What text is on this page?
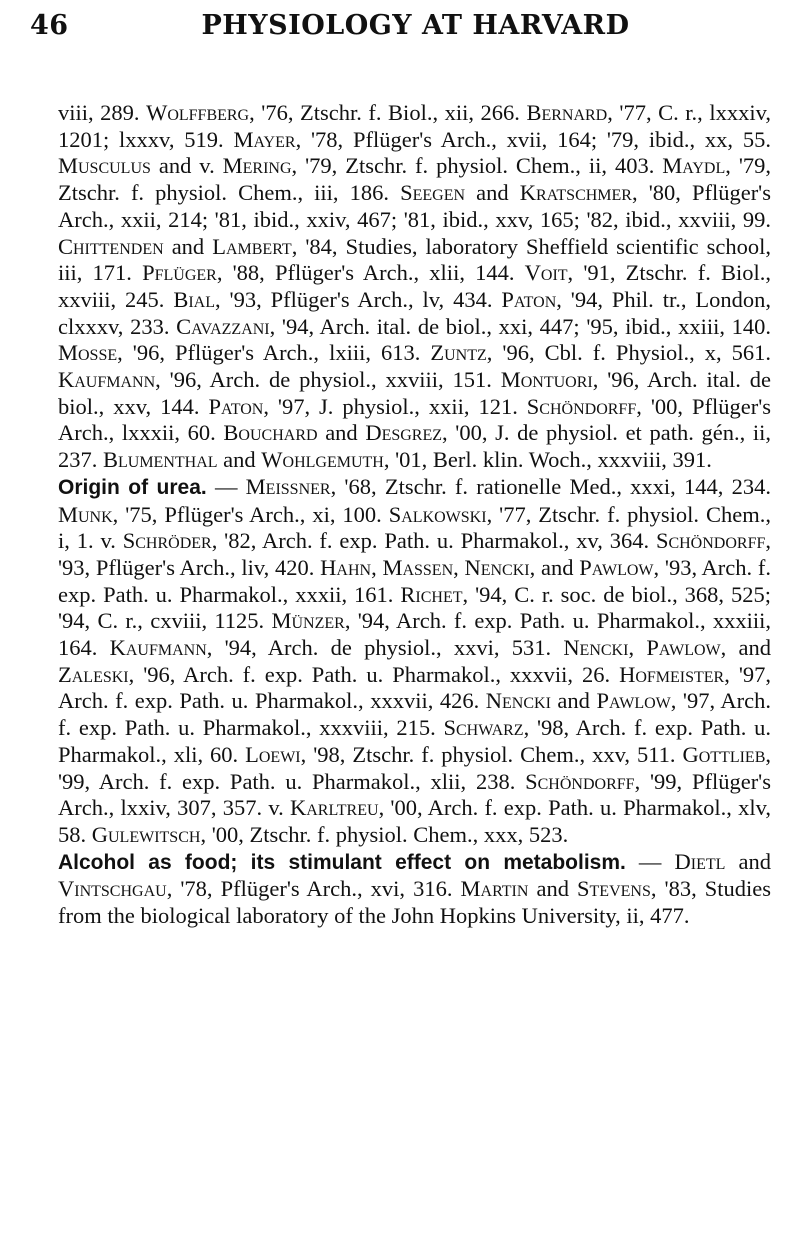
46	PHYSIOLOGY AT HARVARD

viii, 289. Wolffberg, '76, Ztschr. f. Biol., xii, 266. Bernard, '77, C. r., lxxxiv, 1201; lxxxv, 519. Mayer, '78, Pflüger's Arch., xvii, 164; '79, ibid., xx, 55. Musculus and v. Mering, '79, Ztschr. f. physiol. Chem., ii, 403. Maydl, '79, Ztschr. f. physiol. Chem., iii, 186. Seegen and Kratschmer, '80, Pflüger's Arch., xxii, 214; '81, ibid., xxiv, 467; '81, ibid., xxv, 165; '82, ibid., xxviii, 99. Chittenden and Lambert, '84, Studies, laboratory Sheffield scientific school, iii, 171. Pflüger, '88, Pflüger's Arch., xlii, 144. Voit, '91, Ztschr. f. Biol., xxviii, 245. Bial, '93, Pflüger's Arch., lv, 434. Paton, '94, Phil. tr., London, clxxxv, 233. Cavazzani, '94, Arch. ital. de biol., xxi, 447; '95, ibid., xxiii, 140. Mosse, '96, Pflüger's Arch., lxiii, 613. Zuntz, '96, Cbl. f. Physiol., x, 561. Kaufmann, '96, Arch. de physiol., xxviii, 151. Montuori, '96, Arch. ital. de biol., xxv, 144. Paton, '97, J. physiol., xxii, 121. Schöndorff, '00, Pflüger's Arch., lxxxii, 60. Bouchard and Desgrez, '00, J. de physiol. et path. gén., ii, 237. Blumenthal and Wohlgemuth, '01, Berl. klin. Woch., xxxviii, 391.

Origin of urea. — Meissner, '68, Ztschr. f. rationelle Med., xxxi, 144, 234. Munk, '75, Pflüger's Arch., xi, 100. Salkowski, '77, Ztschr. f. physiol. Chem., i, 1. v. Schröder, '82, Arch. f. exp. Path. u. Pharmakol., xv, 364. Schöndorff, '93, Pflüger's Arch., liv, 420. Hahn, Massen, Nencki, and Pawlow, '93, Arch. f. exp. Path. u. Pharmakol., xxxii, 161. Richet, '94, C. r. soc. de biol., 368, 525; '94, C. r., cxviii, 1125. Münzer, '94, Arch. f. exp. Path. u. Pharmakol., xxxiii, 164. Kaufmann, '94, Arch. de physiol., xxvi, 531. Nencki, Pawlow, and Zaleski, '96, Arch. f. exp. Path. u. Pharmakol., xxxvii, 26. Hofmeister, '97, Arch. f. exp. Path. u. Pharmakol., xxxvii, 426. Nencki and Pawlow, '97, Arch. f. exp. Path. u. Pharmakol., xxxviii, 215. Schwarz, '98, Arch. f. exp. Path. u. Pharmakol., xli, 60. Loewi, '98, Ztschr. f. physiol. Chem., xxv, 511. Gottlieb, '99, Arch. f. exp. Path. u. Pharmakol., xlii, 238. Schöndorff, '99, Pflüger's Arch., lxxiv, 307, 357. v. Karltreu, '00, Arch. f. exp. Path. u. Pharmakol., xlv, 58. Gulewitsch, '00, Ztschr. f. physiol. Chem., xxx, 523.

Alcohol as food; its stimulant effect on metabolism. — Dietl and Vintschgau, '78, Pflüger's Arch., xvi, 316. Martin and Stevens, '83, Studies from the biological laboratory of the John Hopkins University, ii, 477.
